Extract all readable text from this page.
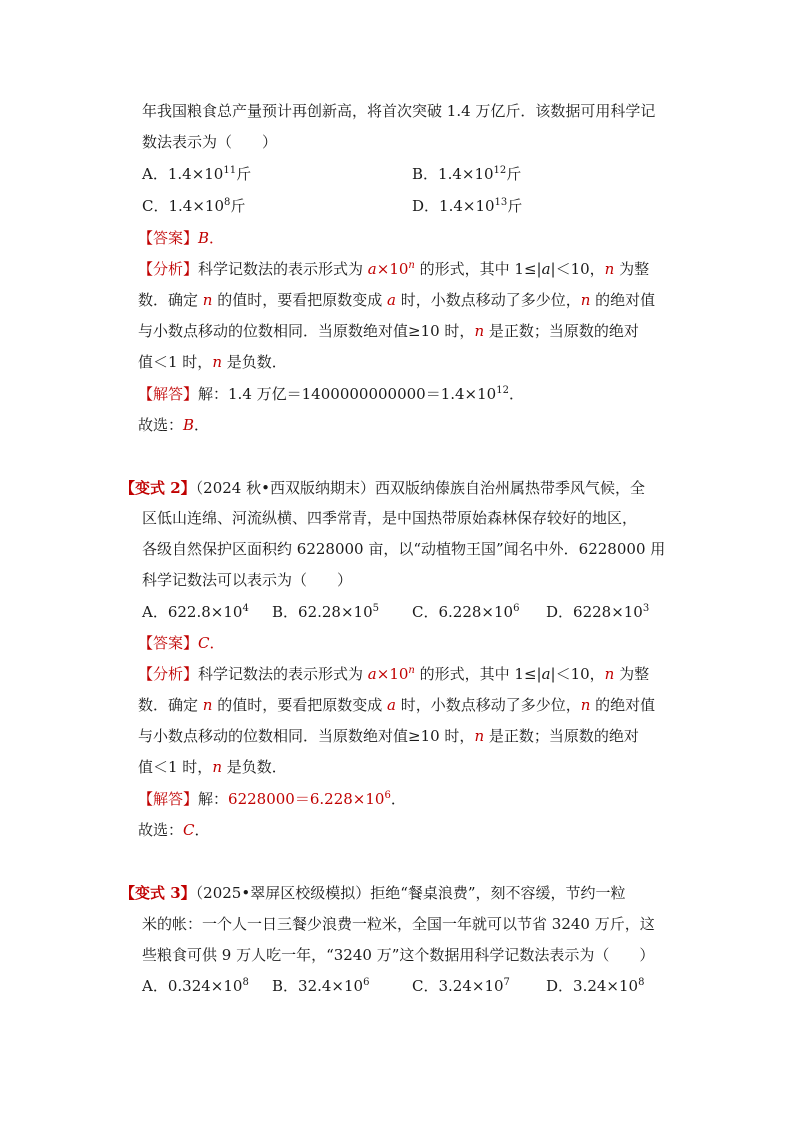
年我国粮食总产量预计再创新高，将首次突破 1.4 万亿斤．该数据可用科学记
数法表示为（　　）
A．$1.4\times 10^{11}$斤	B．$1.4\times 10^{12}$斤
C．$1.4\times 10^8$斤	D．$1.4\times 10^{13}$斤
【答案】B．
【分析】科学记数法的表示形式为 $a\times 10^n$ 的形式，其中 1≤|a|＜10，n 为整
数．确定 n 的值时，要看把原数变成 a 时，小数点移动了多少位，n 的绝对值
与小数点移动的位数相同．当原数绝对值≥10 时，n 是正数；当原数的绝对
值＜1 时，n 是负数．
【解答】解：1.4 万亿$=1400000000000=1.4\times 10^{12}$．
故选：B．
【变式 2】（2024 秋•西双版纳期末）西双版纳傣族自治州属热带季风气候，全
区低山连绵、河流纵横、四季常青，是中国热带原始森林保存较好的地区，
各级自然保护区面积约 6228000 亩，以“动植物王国”闻名中外．6228000 用
科学记数法可以表示为（　　）
A．$622.8\times 10^4$ B．$62.28\times 10^5$ C．$6.228\times 10^6$ D．$6228\times 10^3$
【答案】C．
【分析】科学记数法的表示形式为 $a\times 10^n$ 的形式，其中 1≤|a|＜10，n 为整
数．确定 n 的值时，要看把原数变成 a 时，小数点移动了多少位，n 的绝对值
与小数点移动的位数相同．当原数绝对值≥10 时，n 是正数；当原数的绝对
值＜1 时，n 是负数．
【解答】解：$6228000=6.228\times 10^6$．
故选：C．
【变式 3】（2025•翠屏区校级模拟）拒绝“餐桌浪费”，刻不容缓，节约一粒
米的帐：一个人一日三餐少浪费一粒米，全国一年就可以节省 3240 万斤，这
些粮食可供 9 万人吃一年，“3240 万”这个数据用科学记数法表示为（　　）
A．$0.324\times 10^8$ B．$32.4\times 10^6$	C．$3.24\times 10^7$ D．$3.24\times 10^8$
